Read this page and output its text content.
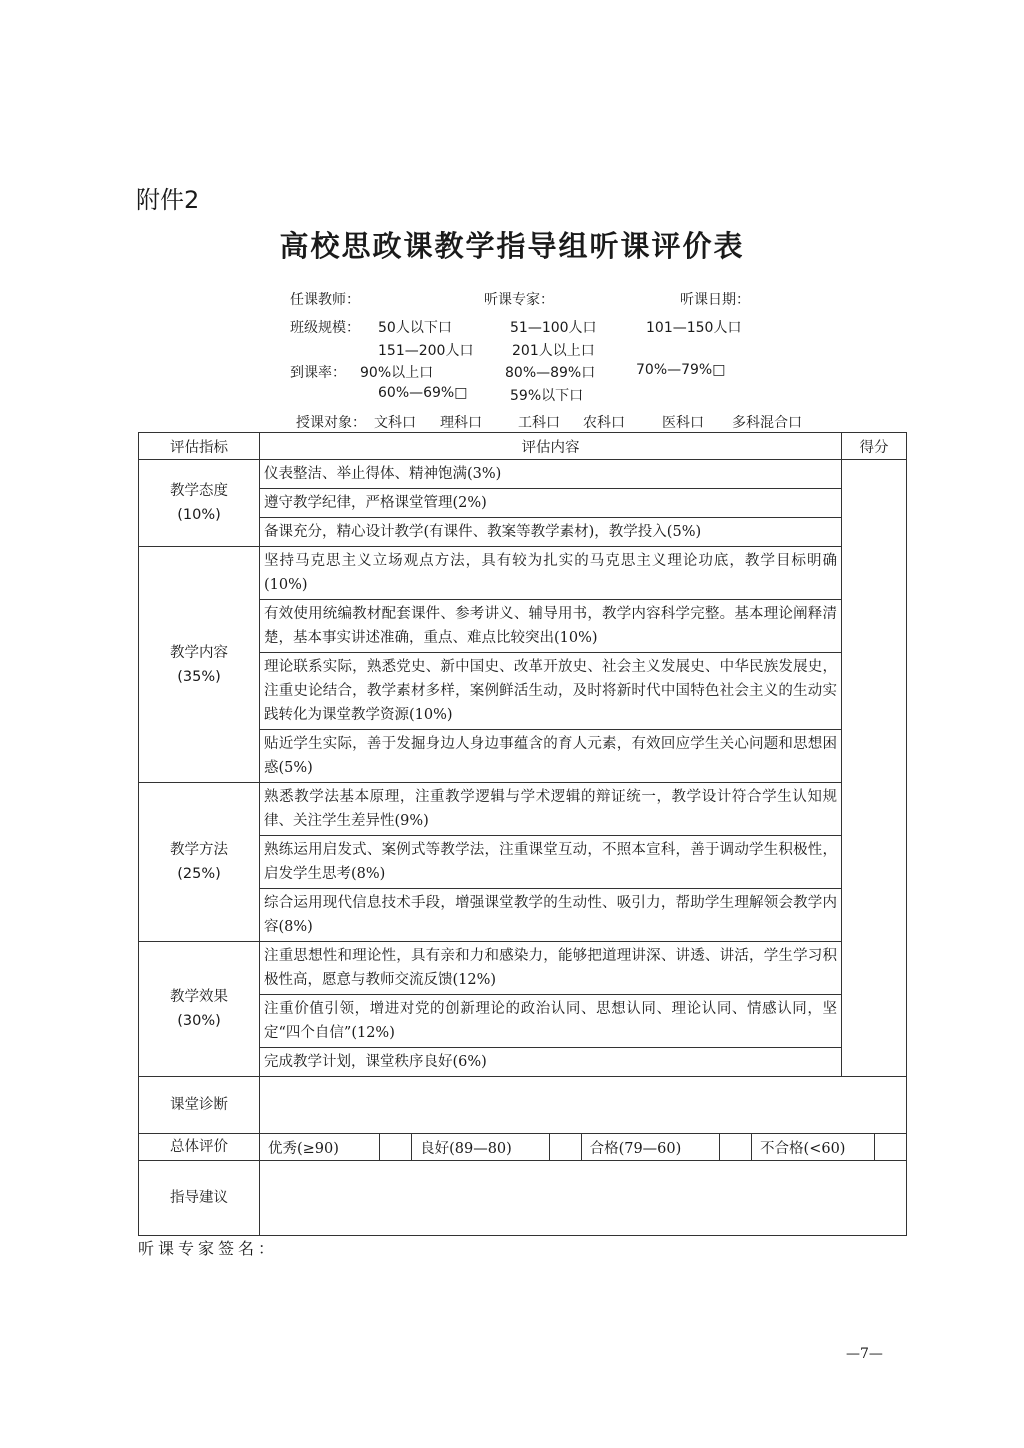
附件2
高校思政课教学指导组听课评价表
任课教师：	听课专家：	听课日期：
班级规模： 50人以下口	51—100人口	101—150人口
151—200人口	201人以上口
到课率： 90%以上口	80%—89%口	70%—79%□
60%—69%□	59%以下口
授课对象： 文科口 理科口	工科口 农科口	医科口 多科混合口
评估指标	评估内容	得分

教学态度
(10%)	仪表整洁、举止得体、精神饱满(3%)	
	遵守教学纪律，严格课堂管理(2%)	
	备课充分，精心设计教学(有课件、教案等教学素材)，教学投入(5%)	

教学内容
(35%)	坚持马克思主义立场观点方法，具有较为扎实的马克思主义理论功底，教学目标明确(10%)	
	有效使用统编教材配套课件、参考讲义、辅导用书，教学内容科学完整。基本理论阐释清楚，基本事实讲述准确，重点、难点比较突出(10%)	
	理论联系实际，熟悉党史、新中国史、改革开放史、社会主义发展史、中华民族发展史，注重史论结合，教学素材多样，案例鲜活生动，及时将新时代中国特色社会主义的生动实践转化为课堂教学资源(10%)	
	贴近学生实际，善于发掘身边人身边事蕴含的育人元素，有效回应学生关心问题和思想困惑(5%)	

教学方法
(25%)	熟悉教学法基本原理，注重教学逻辑与学术逻辑的辩证统一，教学设计符合学生认知规律、关注学生差异性(9%)	
	熟练运用启发式、案例式等教学法，注重课堂互动，不照本宣科，善于调动学生积极性，启发学生思考(8%)	
	综合运用现代信息技术手段，增强课堂教学的生动性、吸引力，帮助学生理解领会教学内容(8%)	

教学效果
(30%)	注重思想性和理论性，具有亲和力和感染力，能够把道理讲深、讲透、讲活，学生学习积极性高，愿意与教师交流反馈(12%)	
	注重价值引领，增进对党的创新理论的政治认同、思想认同、理论认同、情感认同，坚定“四个自信”(12%)	
	完成教学计划，课堂秩序良好(6%)	
课堂诊断		
总体评价	优秀(≥90) 良好(89—80) 合格(79—60) 不合格(<60)	

指导建议		
听课专家签名：
—7—
